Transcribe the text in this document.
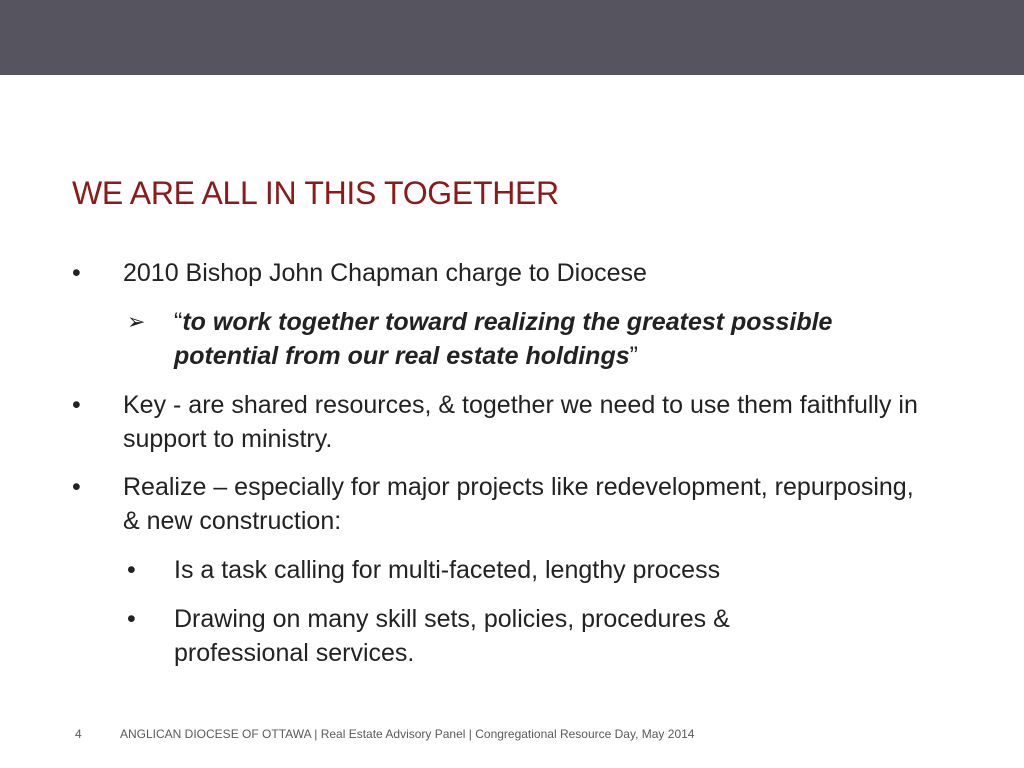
WE ARE ALL IN THIS TOGETHER
• 2010 Bishop John Chapman charge to Diocese
➢ “to work together toward realizing the greatest possible potential from our real estate holdings”
• Key - are shared resources, & together we need to use them faithfully in support to ministry.
• Realize – especially for major projects like redevelopment, repurposing, & new construction:
• Is a task calling for multi-faceted, lengthy process
• Drawing on many skill sets, policies, procedures & professional services.
4	ANGLICAN DIOCESE OF OTTAWA | Real Estate Advisory Panel | Congregational Resource Day, May 2014
